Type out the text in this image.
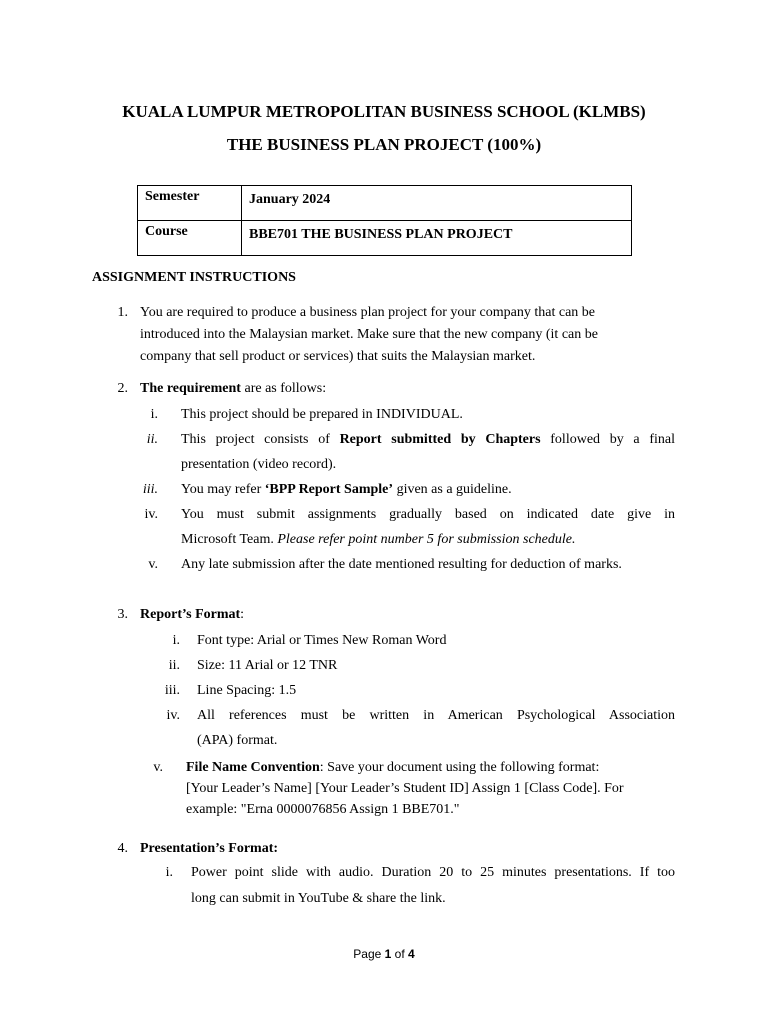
KUALA LUMPUR METROPOLITAN BUSINESS SCHOOL (KLMBS)
THE BUSINESS PLAN PROJECT (100%)
Semester	January 2024
Course	BBE701 THE BUSINESS PLAN PROJECT
ASSIGNMENT INSTRUCTIONS
1. You are required to produce a business plan project for your company that can be
introduced into the Malaysian market. Make sure that the new company (it can be
company that sell product or services) that suits the Malaysian market.
2. The requirement are as follows:
i. This project should be prepared in INDIVIDUAL.
ii. This project consists of Report submitted by Chapters followed by a final
presentation (video record).
iii. You may refer ‘BPP Report Sample’ given as a guideline.
iv. You must submit assignments gradually based on indicated date give in
Microsoft Team. Please refer point number 5 for submission schedule.
v. Any late submission after the date mentioned resulting for deduction of marks.
3. Report’s Format:
i. Font type: Arial or Times New Roman Word
ii. Size: 11 Arial or 12 TNR
iii. Line Spacing: 1.5
iv. All references must be written in American Psychological Association
(APA) format.
v. File Name Convention: Save your document using the following format:
[Your Leader’s Name] [Your Leader’s Student ID] Assign 1 [Class Code]. For
example: "Erna 0000076856 Assign 1 BBE701."
4. Presentation’s Format:
i. Power point slide with audio. Duration 20 to 25 minutes presentations. If too
long can submit in YouTube & share the link.
Page 1 of 4
